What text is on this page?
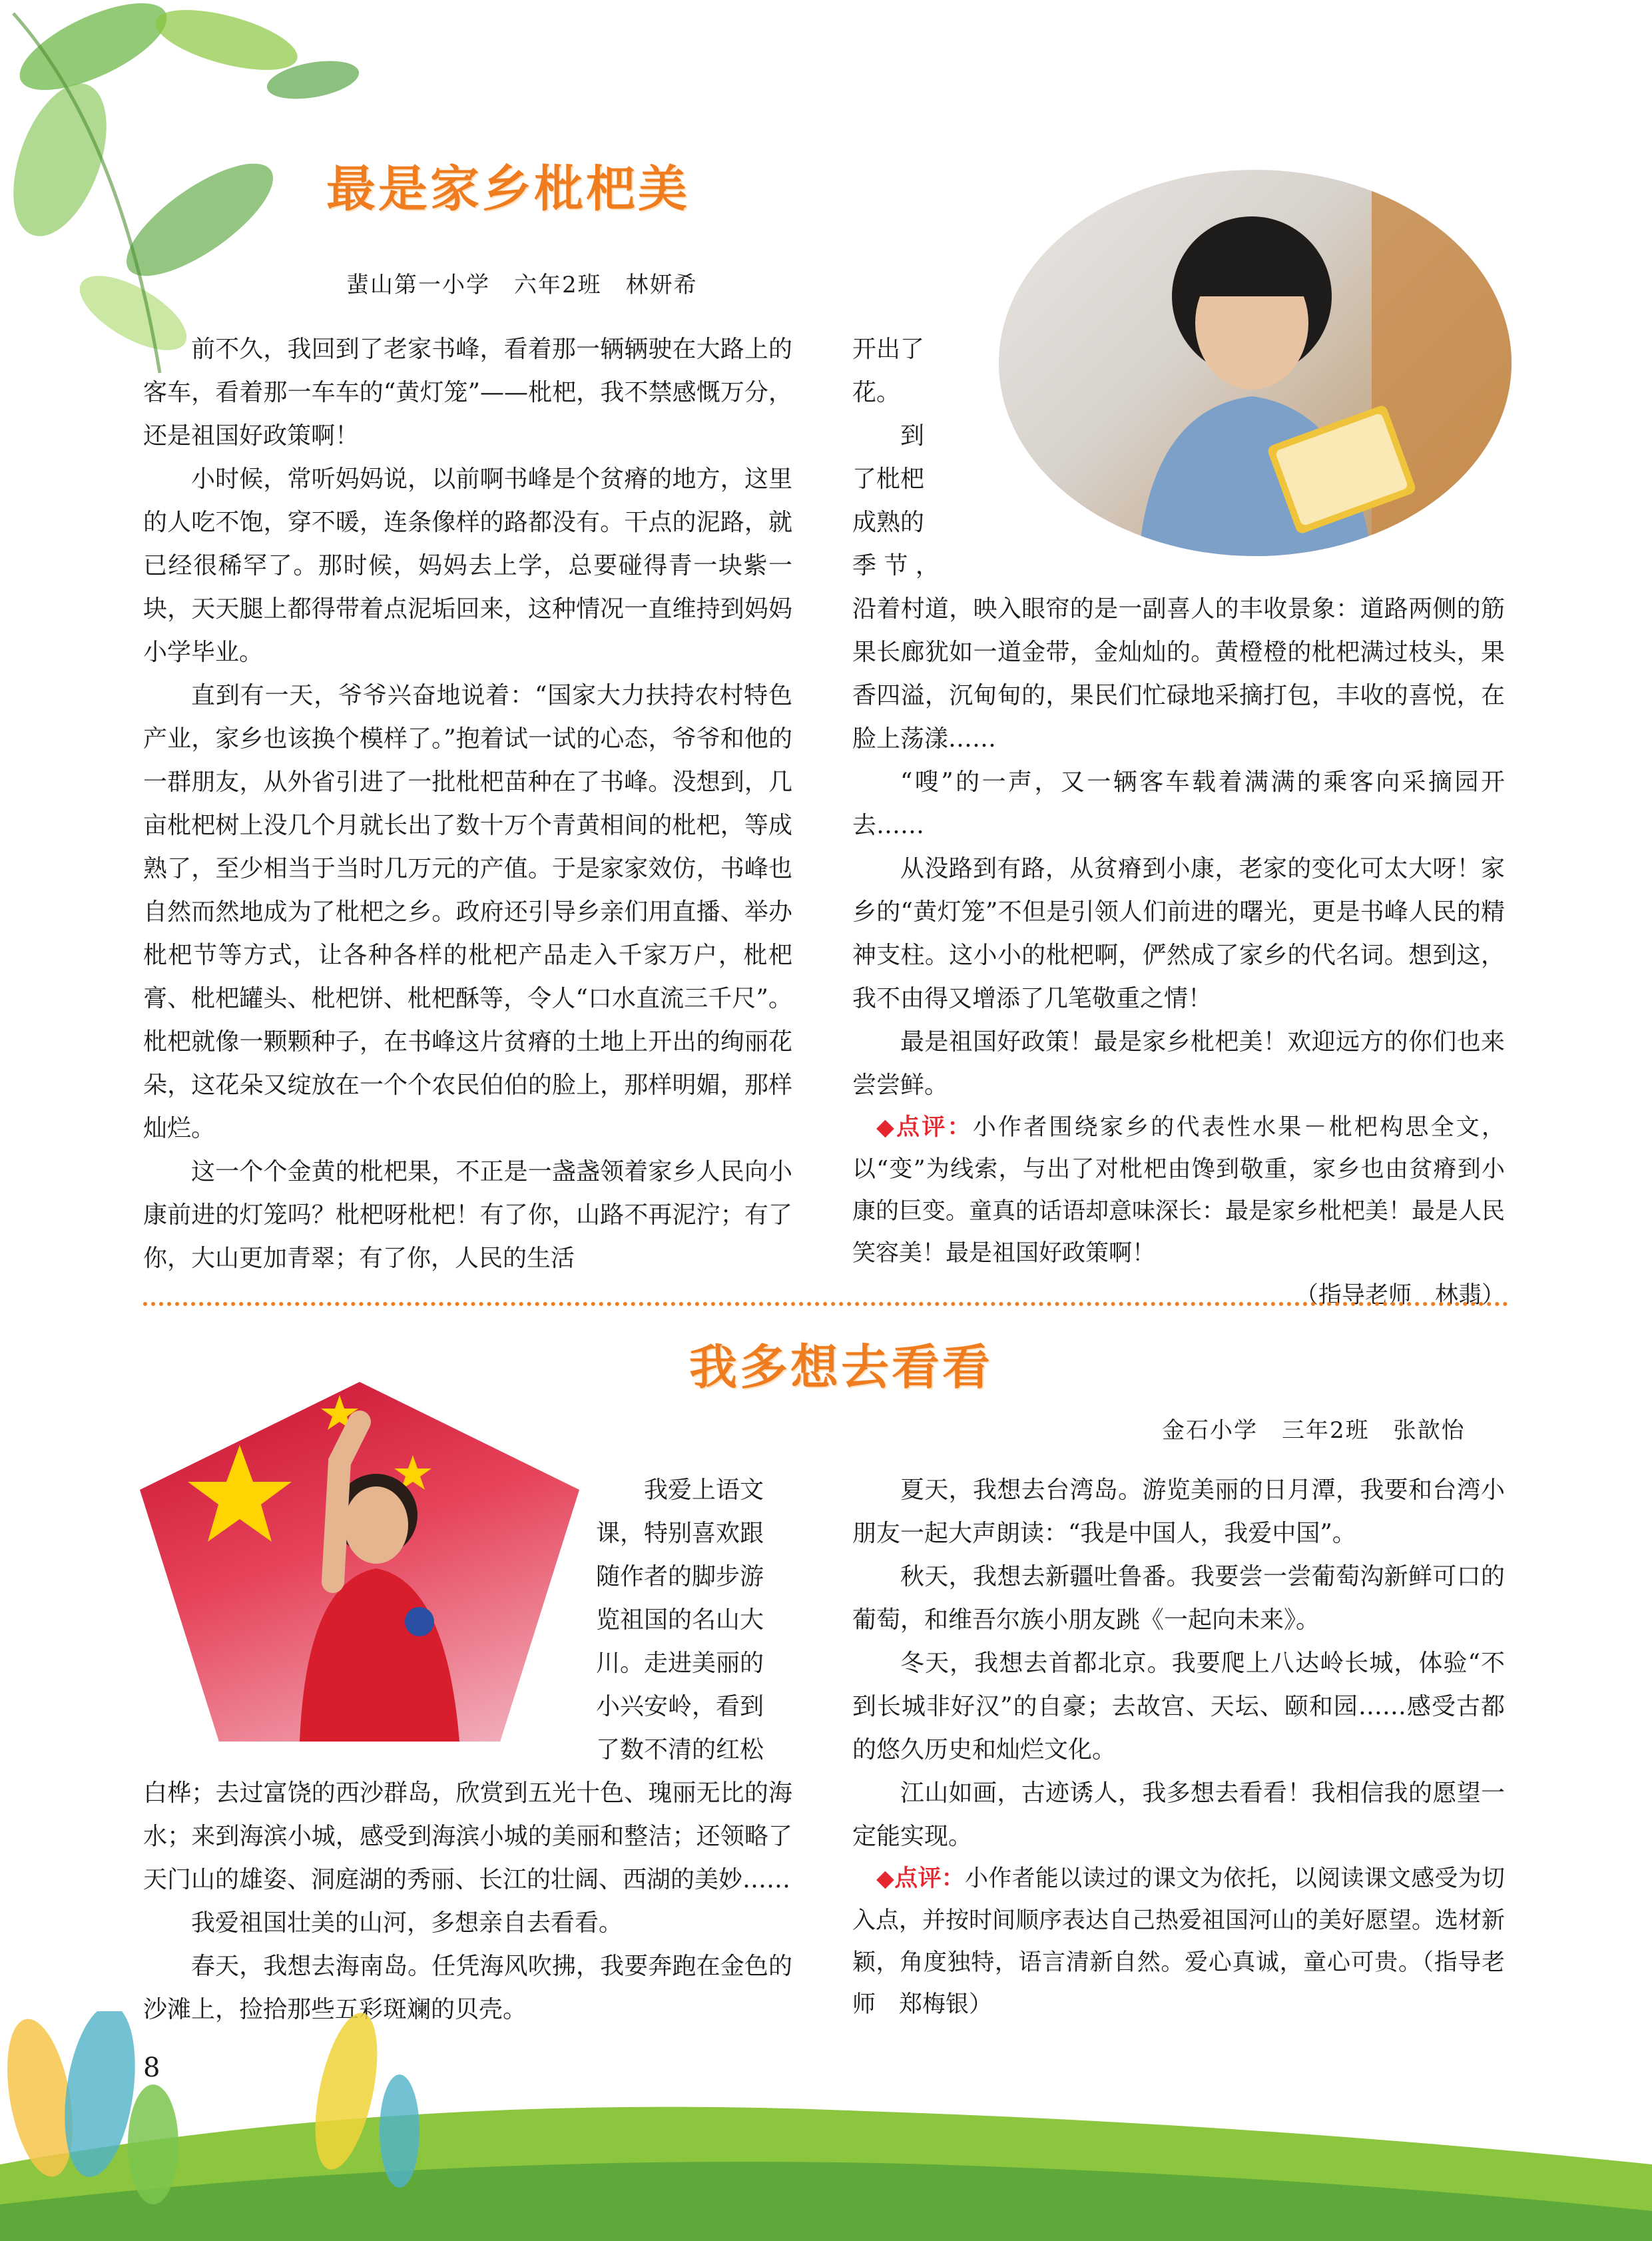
最是家乡枇杷美
蜚山第一小学　六年2班　林妍希

前不久，我回到了老家书峰，看着那一辆辆驶在大路上的客车，看着那一车车的“黄灯笼”——枇杷，我不禁感慨万分，还是祖国好政策啊！

小时候，常听妈妈说，以前啊书峰是个贫瘠的地方，这里的人吃不饱，穿不暖，连条像样的路都没有。干点的泥路，就已经很稀罕了。那时候，妈妈去上学，总要碰得青一块紫一块，天天腿上都得带着点泥垢回来，这种情况一直维持到妈妈小学毕业。

直到有一天，爷爷兴奋地说着：“国家大力扶持农村特色产业，家乡也该换个模样了。”抱着试一试的心态，爷爷和他的一群朋友，从外省引进了一批枇杷苗种在了书峰。没想到，几亩枇杷树上没几个月就长出了数十万个青黄相间的枇杷，等成熟了，至少相当于当时几万元的产值。于是家家效仿，书峰也自然而然地成为了枇杷之乡。政府还引导乡亲们用直播、举办枇杷节等方式，让各种各样的枇杷产品走入千家万户，枇杷膏、枇杷罐头、枇杷饼、枇杷酥等，令人“口水直流三千尺”。枇杷就像一颗颗种子，在书峰这片贫瘠的土地上开出的绚丽花朵，这花朵又绽放在一个个农民伯伯的脸上，那样明媚，那样灿烂。

这一个个金黄的枇杷果，不正是一盏盏领着家乡人民向小康前进的灯笼吗？枇杷呀枇杷！有了你，山路不再泥泞；有了你，大山更加青翠；有了你，人民的生活

开出了

花。

　到

了枇杷

成熟的

季 节 ，

沿着村道，映入眼帘的是一副喜人的丰收景象：道路两侧的筋果长廊犹如一道金带，金灿灿的。黄橙橙的枇杷满过枝头，果香四溢，沉甸甸的，果民们忙碌地采摘打包，丰收的喜悦，在脸上荡漾……

“嗖”的一声，又一辆客车载着满满的乘客向采摘园开去……

从没路到有路，从贫瘠到小康，老家的变化可太大呀！家乡的“黄灯笼”不但是引领人们前进的曙光，更是书峰人民的精神支柱。这小小的枇杷啊，俨然成了家乡的代名词。想到这，我不由得又增添了几笔敬重之情！

最是祖国好政策！最是家乡枇杷美！欢迎远方的你们也来尝尝鲜。

◆点评：小作者围绕家乡的代表性水果－枇杷构思全文，以“变”为线索，与出了对枇杷由馋到敬重，家乡也由贫瘠到小康的巨变。童真的话语却意味深长：最是家乡枇杷美！最是人民笑容美！最是祖国好政策啊！

（指导老师　林翡）

我多想去看看
金石小学　三年2班　张歆怡

　　我爱上语文

课，特别喜欢跟

随作者的脚步游

览祖国的名山大

川。走进美丽的

小兴安岭，看到

了数不清的红松

白桦；去过富饶的西沙群岛，欣赏到五光十色、瑰丽无比的海水；来到海滨小城，感受到海滨小城的美丽和整洁；还领略了天门山的雄姿、洞庭湖的秀丽、长江的壮阔、西湖的美妙……

我爱祖国壮美的山河，多想亲自去看看。

春天，我想去海南岛。任凭海风吹拂，我要奔跑在金色的沙滩上，捡拾那些五彩斑斓的贝壳。

夏天，我想去台湾岛。游览美丽的日月潭，我要和台湾小朋友一起大声朗读：“我是中国人，我爱中国”。

秋天，我想去新疆吐鲁番。我要尝一尝葡萄沟新鲜可口的葡萄，和维吾尔族小朋友跳《一起向未来》。

冬天，我想去首都北京。我要爬上八达岭长城，体验“不到长城非好汉”的自豪；去故宫、天坛、颐和园……感受古都的悠久历史和灿烂文化。

江山如画，古迹诱人，我多想去看看！我相信我的愿望一定能实现。

◆点评：小作者能以读过的课文为依托，以阅读课文感受为切入点，并按时间顺序表达自己热爱祖国河山的美好愿望。选材新颖，角度独特，语言清新自然。爱心真诚，童心可贵。（指导老师　郑梅银）

8
